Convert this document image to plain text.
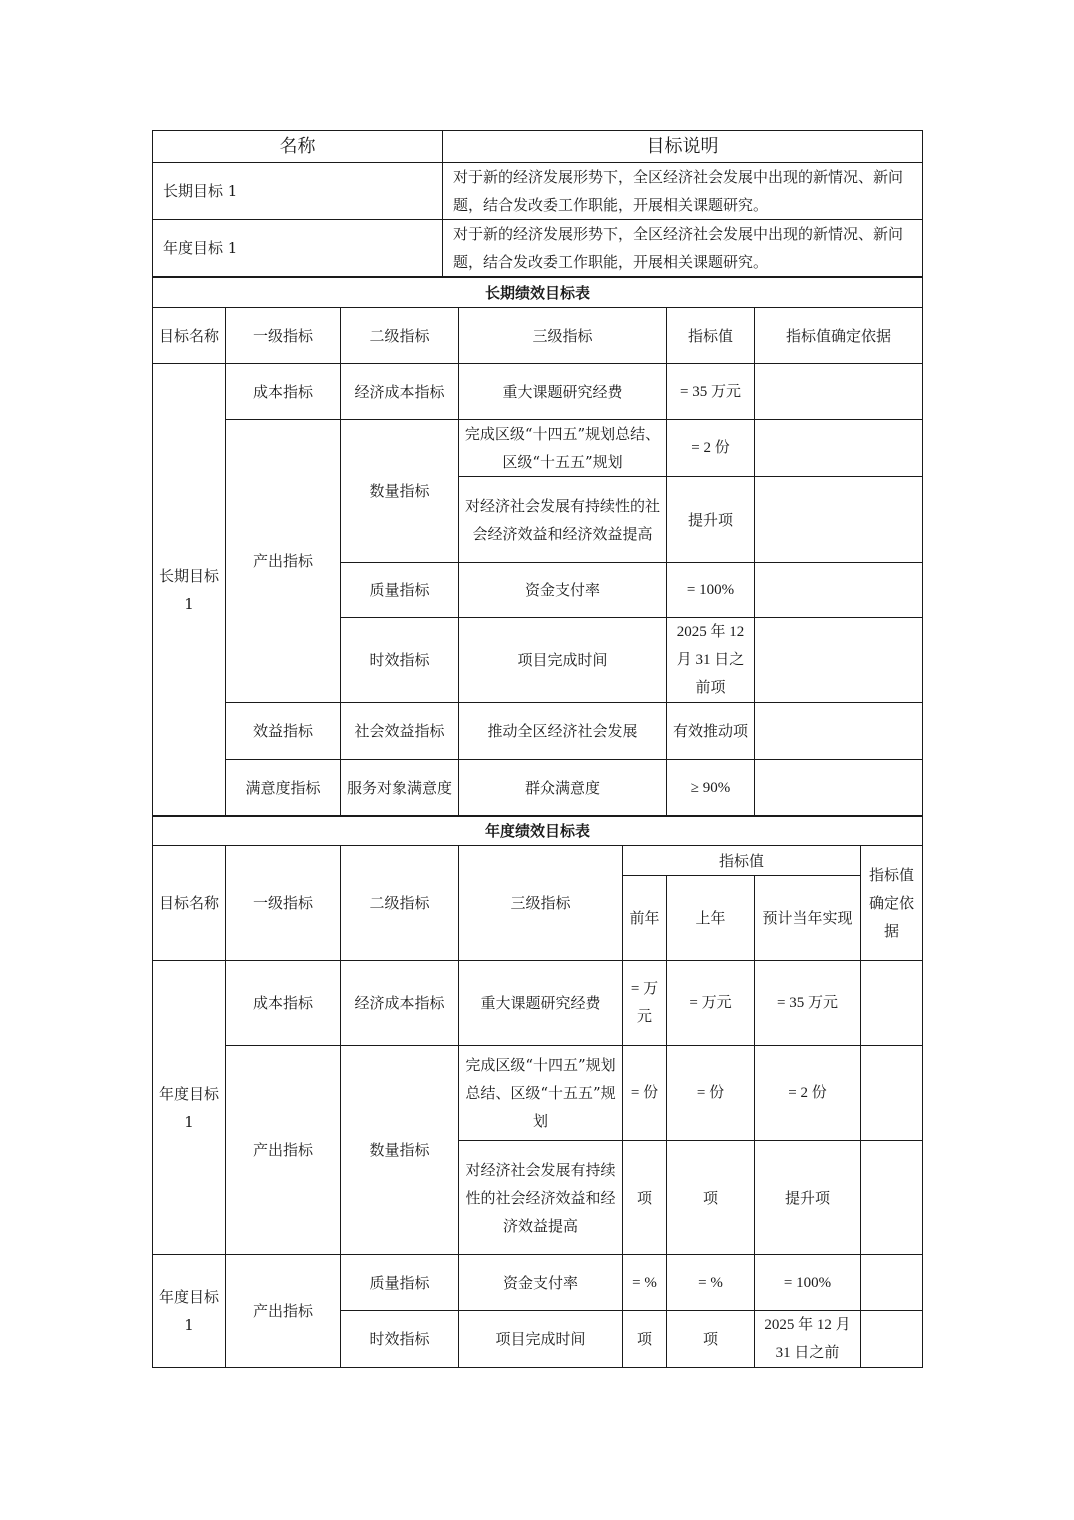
名称	目标说明
长期目标 1	对于新的经济发展形势下，全区经济社会发展中出现的新情况、新问题，结合发改委工作职能，开展相关课题研究。
年度目标 1	对于新的经济发展形势下，全区经济社会发展中出现的新情况、新问题，结合发改委工作职能，开展相关课题研究。
长期绩效目标表					
目标名称	一级指标	二级指标	三级指标	指标值	指标值确定依据
长期目标 1	成本指标	经济成本指标	重大课题研究经费	= 35 万元	
	产出指标	数量指标	完成区级“十四五”规划总结、区级“十五五”规划	= 2 份	
			对经济社会发展有持续性的社会经济效益和经济效益提高	提升项	
		质量指标	资金支付率	= 100%	
		时效指标	项目完成时间	2025 年 12 月 31 日之前项	
	效益指标	社会效益指标	推动全区经济社会发展	有效推动项	
	满意度指标	服务对象满意度	群众满意度	≥ 90%	
年度绩效目标表							
目标名称	一级指标	二级指标	三级指标	指标值			指标值确定依据
				前年	上年	预计当年实现	
年度目标 1	成本指标	经济成本指标	重大课题研究经费	= 万元	= 万元	= 35 万元	
	产出指标	数量指标	完成区级“十四五”规划总结、区级“十五五”规划	= 份	= 份	= 2 份	
			对经济社会发展有持续性的社会经济效益和经济效益提高	项	项	提升项	
年度目标 1	产出指标	质量指标	资金支付率	= %	= %	= 100%	
		时效指标	项目完成时间	项	项	2025 年 12 月 31 日之前	
